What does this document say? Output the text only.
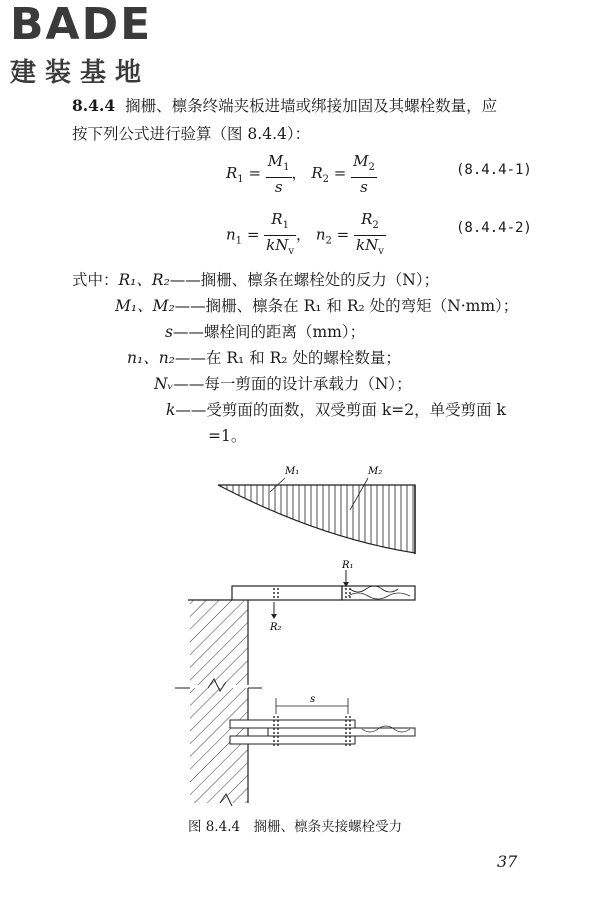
BADE
建装基地
8.4.4 搁栅、檩条终端夹板进墙或绑接加固及其螺栓数量，应
按下列公式进行验算（图 8.4.4）：
$R_1 = \frac{M_1}{s}$ ， $R_2 = \frac{M_2}{s}$	(8.4.4-1)
$n_1 = \frac{R_1}{kN_v}$ ， $n_2 = \frac{R_2}{kN_v}$	(8.4.4-2)
式中：R₁、R₂——搁栅、檩条在螺栓处的反力（N）；
M₁、M₂——搁栅、檩条在 R₁ 和 R₂ 处的弯矩（N·mm）；
s——螺栓间的距离（mm）；
n₁、n₂——在 R₁ 和 R₂ 处的螺栓数量；
Nᵥ——每一剪面的设计承载力（N）；
k——受剪面的面数，双受剪面 k=2，单受剪面 k
=1。
M₁	M₂
R₁
R₂
s
图 8.4.4　搁栅、檩条夹接螺栓受力
37
